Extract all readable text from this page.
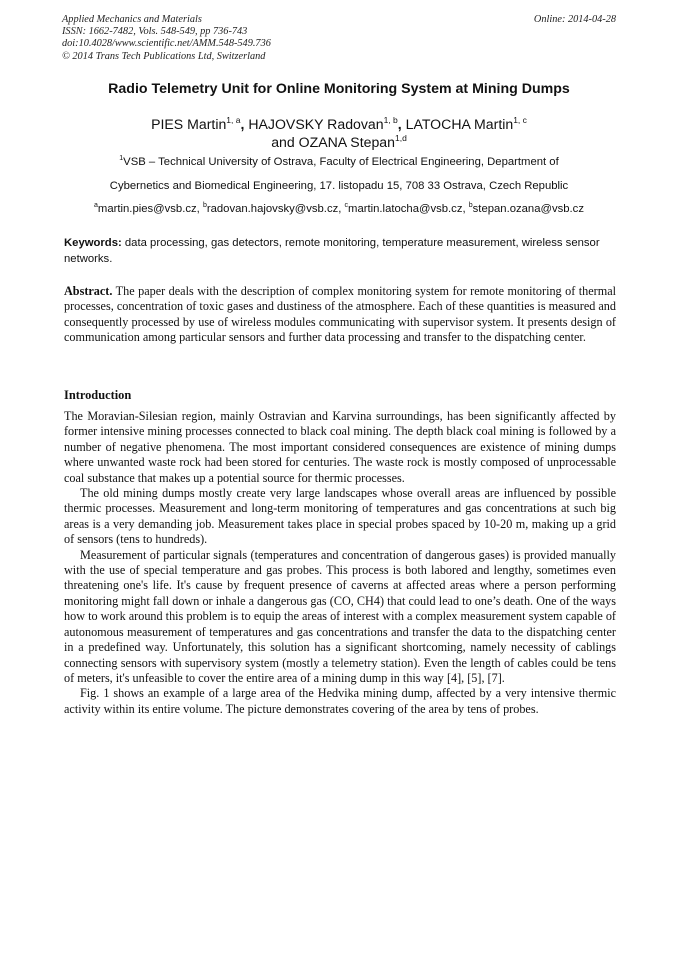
Applied Mechanics and Materials
ISSN: 1662-7482, Vols. 548-549, pp 736-743
doi:10.4028/www.scientific.net/AMM.548-549.736
© 2014 Trans Tech Publications Ltd, Switzerland
Online: 2014-04-28
Radio Telemetry Unit for Online Monitoring System at Mining Dumps
PIES Martin$^{1, a}$, HAJOVSKY Radovan$^{1, b}$, LATOCHA Martin$^{1, c}$
and OZANA Stepan$^{1,d}$
$^1$VSB – Technical University of Ostrava, Faculty of Electrical Engineering, Department of
Cybernetics and Biomedical Engineering, 17. listopadu 15, 708 33 Ostrava, Czech Republic
$^a$martin.pies@vsb.cz, $^b$radovan.hajovsky@vsb.cz, $^c$martin.latocha@vsb.cz, $^b$stepan.ozana@vsb.cz
Keywords: data processing, gas detectors, remote monitoring, temperature measurement, wireless sensor networks.
Abstract. The paper deals with the description of complex monitoring system for remote monitoring of thermal processes, concentration of toxic gases and dustiness of the atmosphere. Each of these quantities is measured and consequently processed by use of wireless modules communicating with supervisor system. It presents design of communication among particular sensors and further data processing and transfer to the dispatching center.
Introduction

The Moravian-Silesian region, mainly Ostravian and Karvina surroundings, has been significantly affected by former intensive mining processes connected to black coal mining. The depth black coal mining is followed by a number of negative phenomena. The most important considered consequences are existence of mining dumps where unwanted waste rock had been stored for centuries. The waste rock is mostly composed of unprocessable coal substance that makes up a potential source for thermic processes.

The old mining dumps mostly create very large landscapes whose overall areas are influenced by possible thermic processes. Measurement and long-term monitoring of temperatures and gas concentrations at such big areas is a very demanding job. Measurement takes place in special probes spaced by 10-20 m, making up a grid of sensors (tens to hundreds).

Measurement of particular signals (temperatures and concentration of dangerous gases) is provided manually with the use of special temperature and gas probes. This process is both labored and lengthy, sometimes even threatening one's life. It's cause by frequent presence of caverns at affected areas where a person performing monitoring might fall down or inhale a dangerous gas (CO, CH4) that could lead to one’s death. One of the ways how to work around this problem is to equip the areas of interest with a complex measurement system capable of autonomous measurement of temperatures and gas concentrations and transfer the data to the dispatching center in a predefined way. Unfortunately, this solution has a significant shortcoming, namely necessity of cablings connecting sensors with supervisory system (mostly a telemetry station). Even the length of cables could be tens of meters, it's unfeasible to cover the entire area of a mining dump in this way [4], [5], [7].

Fig. 1 shows an example of a large area of the Hedvika mining dump, affected by a very intensive thermic activity within its entire volume. The picture demonstrates covering of the area by tens of probes.
